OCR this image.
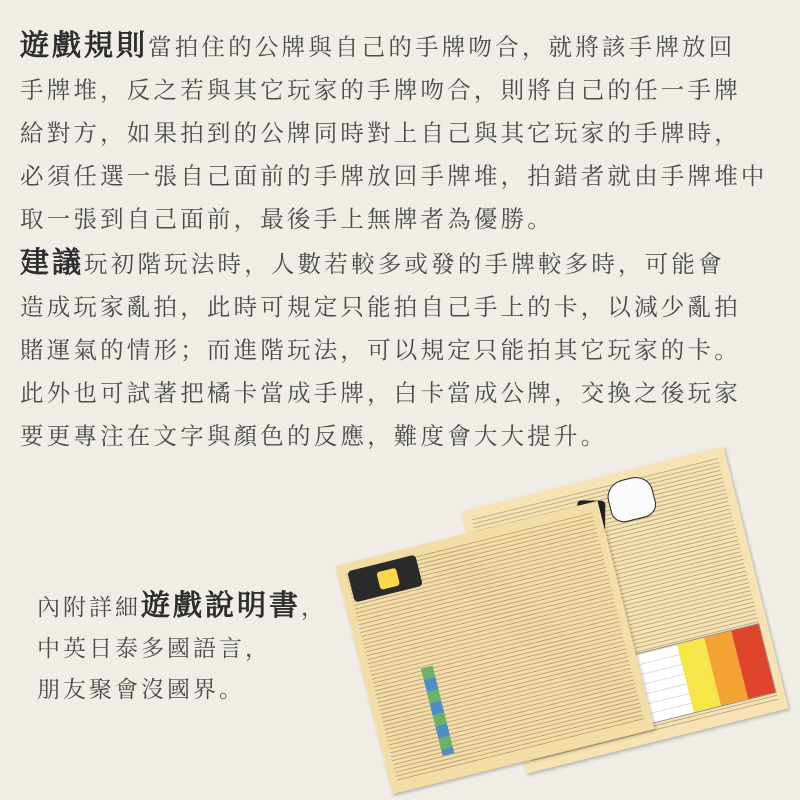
遊戲規則當拍住的公牌與自己的手牌吻合，就將該手牌放回
手牌堆，反之若與其它玩家的手牌吻合，則將自己的任一手牌
給對方，如果拍到的公牌同時對上自己與其它玩家的手牌時，
必須任選一張自己面前的手牌放回手牌堆，拍錯者就由手牌堆中
取一張到自己面前，最後手上無牌者為優勝。
建議玩初階玩法時，人數若較多或發的手牌較多時，可能會
造成玩家亂拍，此時可規定只能拍自己手上的卡，以減少亂拍
賭運氣的情形；而進階玩法，可以規定只能拍其它玩家的卡。
此外也可試著把橘卡當成手牌，白卡當成公牌，交換之後玩家
要更專注在文字與顏色的反應，難度會大大提升。
內附詳細遊戲說明書，
中英日泰多國語言，
朋友聚會沒國界。
